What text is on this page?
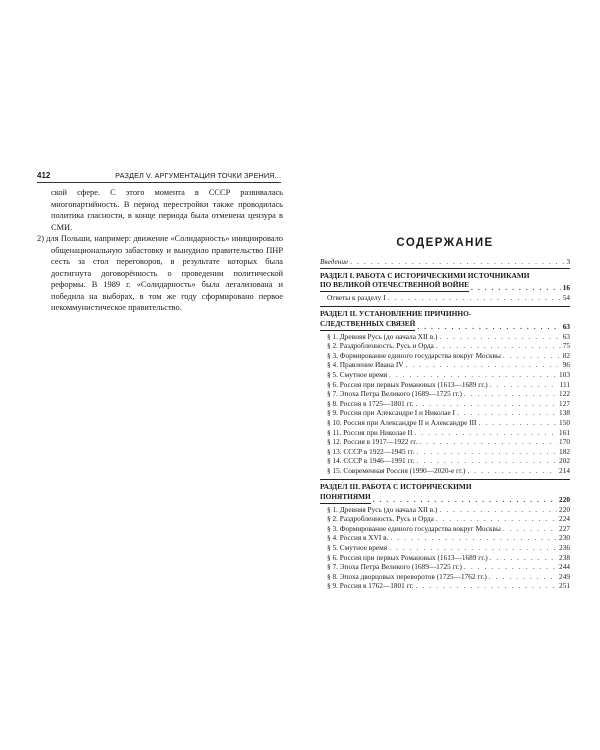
412	РАЗДЕЛ V. АРГУМЕНТАЦИЯ ТОЧКИ ЗРЕНИЯ...

ской сфере. С этого момента в СССР развивалась многопартийность. В период перестройки также проводилась политика гласности, в конце периода была отменена цензура в СМИ.

2) для Польши, например: движение «Солидарность» инициировало общенациональную забастовку и вынудило правительство ПНР сесть за стол переговоров, в результате которых была достигнута договорённость о проведении политической реформы. В 1989 г. «Солидарность» была легализована и победила на выборах, в том же году сформировано первое некоммунистическое правительство.

СОДЕРЖАНИЕ
Введение . . .	3
РАЗДЕЛ I. РАБОТА С ИСТОРИЧЕСКИМИ ИСТОЧНИКАМИ
ПО ВЕЛИКОЙ ОТЕЧЕСТВЕННОЙ ВОЙНЕ . . .	16
Ответы к разделу I . . .	54
РАЗДЕЛ II. УСТАНОВЛЕНИЕ ПРИЧИННО-
СЛЕДСТВЕННЫХ СВЯЗЕЙ . . .	63
§ 1. Древняя Русь (до начала XII в.) . . .	63
§ 2. Раздробленность. Русь и Орда . . .	75
§ 3. Формирование единого государства вокруг Москвы . . .	82
§ 4. Правление Ивана IV . . .	96
§ 5. Смутное время . . .	103
§ 6. Россия при первых Романовых (1613—1689 гг.) . . .	111
§ 7. Эпоха Петра Великого (1689—1725 гг.) . . .	122
§ 8. Россия в 1725—1801 гг. . . .	127
§ 9. Россия при Александре I и Николае I . . .	138
§ 10. Россия при Александре II и Александре III . . .	150
§ 11. Россия при Николае II . . .	161
§ 12. Россия в 1917—1922 гг. . . .	170
§ 13. СССР в 1922—1945 гг. . . .	182
§ 14. СССР в 1946—1991 гг. . . .	202
§ 15. Современная Россия (1990—2020-е гг.) . . .	214
РАЗДЕЛ III. РАБОТА С ИСТОРИЧЕСКИМИ
ПОНЯТИЯМИ . . .	220
§ 1. Древняя Русь (до начала XII в.) . . .	220
§ 2. Раздробленность. Русь и Орда . . .	224
§ 3. Формирование единого государства вокруг Москвы . . .	227
§ 4. Россия в XVI в. . . .	230
§ 5. Смутное время . . .	236
§ 6. Россия при первых Романовых (1613—1689 гг.) . . .	238
§ 7. Эпоха Петра Великого (1689—1725 гг.) . . .	244
§ 8. Эпоха дворцовых переворотов (1725—1762 гг.) . . .	249
§ 9. Россия в 1762—1801 гг. . . .	251
